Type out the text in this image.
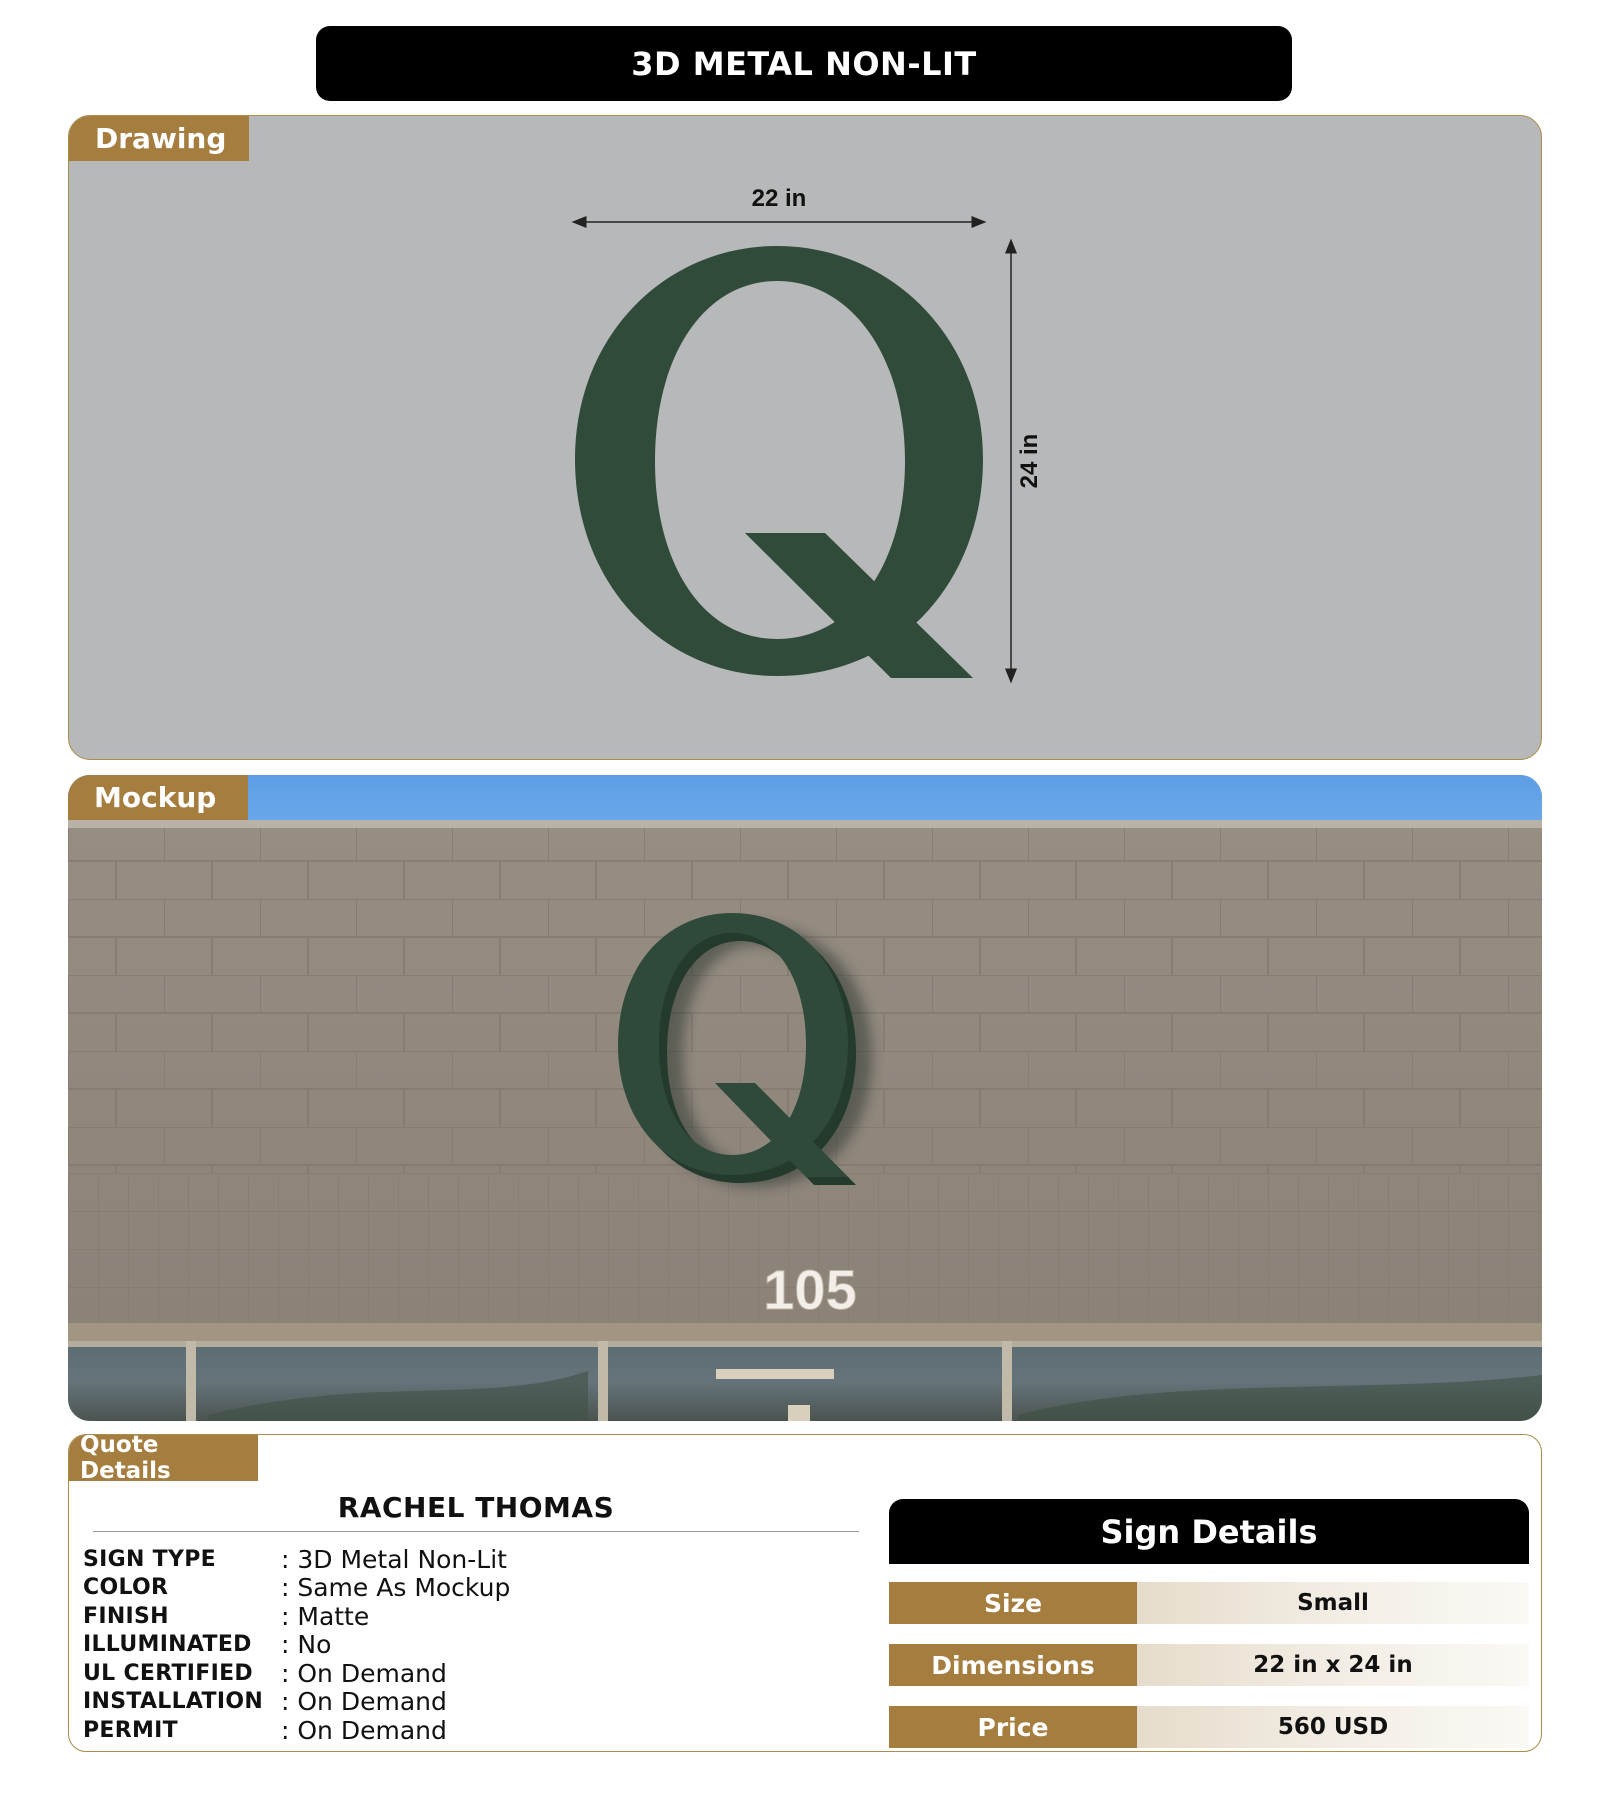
3D METAL NON-LIT
Drawing
22 in
24 in
Mockup
105
Quote Details
RACHEL THOMAS
SIGN TYPE	: 3D Metal Non-Lit
COLOR	: Same As Mockup
FINISH	: Matte
ILLUMINATED	: No
UL CERTIFIED	: On Demand
INSTALLATION : On Demand
PERMIT	: On Demand
Sign Details
Size	Small
Dimensions	22 in x 24 in
Price	560 USD
